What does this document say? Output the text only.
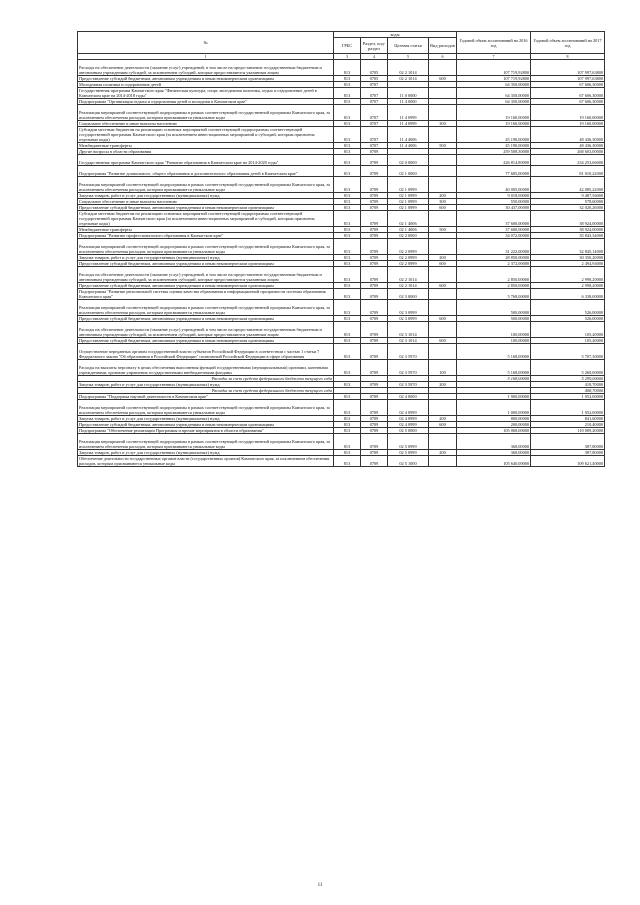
№	коды				Годовой объем ассигнований на 2016 год	Годовой объем ассигнований на 2017 год
	ГРБС	Раздел, под- раздел	Целевая статья	Вид расходов		
1	3	4	5	6	7	8
Расходы на обеспечение деятельности (оказание услуг) учреждений, в том числе на предоставление государственным бюджетным и автономным учреждениям субсидий, за исключением субсидий, которые предоставляются указанным лицам	813	0705	02 2 1014		107 719,92800	107 997,63800
Предоставление субсидий бюджетным, автономным учреждениям и иным некоммерческим организациям	813	0705	02 2 1014	600	107 719,92800	107 997,63800
Молодежная политика и оздоровление детей	813	0707			64 350,00000	67 606,30000
Государственная программа Камчатского края "Физическая культура, спорт, молодежная политика, отдых и оздоровление детей в Камчатском крае на 2014-2018 годы"	813	0707	11 0 0000		64 350,00000	67 606,30000
Подпрограмма "Организация отдыха и оздоровления детей и молодежи в Камчатском крае"	813	0707	11 4 0000		64 350,00000	67 606,30000
Реализация мероприятий соответствующей подпрограммы в рамках соответствующей государственной программы Камчатского края, за исключением обеспечения расходов, которым присваиваются уникальные коды	813	0707	11 4 0999		19 160,00000	19 160,00000
Социальное обеспечение и иные выплаты населению	813	0707	11 4 0999	300	19 160,00000	19 160,00000
Субсидии местным бюджетам на реализацию основных мероприятий соответствующей подпрограммы соответствующей государственной программы Камчатского края (за исключением инвестиционных мероприятий и субсидий, которым присвоены отдельные коды)	813	0707	11 4 4006		45 190,00000	48 436,30000
Межбюджетные трансферты	813	0707	11 4 4006	500	45 190,00000	48 436,30000
Другие вопросы в области образования	813	0709			259 508,30000	268 603,00000
Государственная программа Камчатского края "Развитие образования в Камчатском крае на 2014-2020 годы"	813	0709	02 0 0000		226 814,80000	234 253,66000
Подпрограмма "Развитие дошкольного, общего образования и дополнительного образования детей в Камчатском крае"	813	0709	02 1 0000		77 605,00000	81 010,22000
Реализация мероприятий соответствующей подпрограммы в рамках соответствующей государственной программы Камчатского края, за исключением обеспечения расходов, которым присваиваются уникальные коды	813	0709	02 1 0999		40 005,00000	42 085,22000
Закупка товаров, работ и услуг для государственных (муниципальных) нужд	813	0709	02 1 0999	200	9 018,00000	9 487,56000
Социальное обеспечение и иные выплаты населению	813	0709	02 1 0999	300	550,00000	578,60000
Предоставление субсидий бюджетным, автономным учреждениям и иным некоммерческим организациям	813	0709	02 1 0999	600	30 437,00000	32 020,26000
Субсидии местным бюджетам на реализацию основных мероприятий соответствующей подпрограммы соответствующей государственной программы Камчатского края (за исключением инвестиционных мероприятий и субсидий, которым присвоены отдельные коды)	813	0709	02 1 4006		37 600,00000	38 924,00000
Межбюджетные трансферты	813	0709	02 1 4006	500	37 600,00000	38 924,00000
Подпрограмма "Развитие профессионального образования в Камчатском крае"	813	0709	02 2 0000		34 072,00000	35 843,34000
Реализация мероприятий соответствующей подпрограммы в рамках соответствующей государственной программы Камчатского края, за исключением обеспечения расходов, которым присваиваются уникальные коды	813	0709	02 2 0999		31 222,00000	32 845,14000
Закупка товаров, работ и услуг для государственных (муниципальных) нужд	813	0709	02 2 0999	200	28 850,00000	30 350,20000
Предоставление субсидий бюджетным, автономным учреждениям и иным некоммерческим организациям	813	0709	02 2 0999	600	2 372,00000	2 494,94000
Расходы на обеспечение деятельности (оказание услуг) учреждений, в том числе на предоставление государственным бюджетным и автономным учреждениям субсидий, за исключением субсидий, которые предоставляются указанным лицам	813	0709	02 2 1014		2 850,00000	2 998,20000
Предоставление субсидий бюджетным, автономным учреждениям и иным некоммерческим организациям	813	0709	02 2 1014	600	2 850,00000	2 998,20000
Подпрограмма "Развитие региональной системы оценки качества образования и информационной прозрачности системы образования Камчатского края"	813	0709	02 3 0000		5 768,00000	6 338,00000
Реализация мероприятий соответствующей подпрограммы в рамках соответствующей государственной программы Камчатского края, за исключением обеспечения расходов, которым присваиваются уникальные коды	813	0709	02 3 0999		500,00000	526,00000
Предоставление субсидий бюджетным, автономным учреждениям и иным некоммерческим организациям	813	0709	02 3 0999	600	500,00000	526,00000
Расходы на обеспечение деятельности (оказание услуг) учреждений, в том числе на предоставление государственным бюджетным и автономным учреждениям субсидий, за исключением субсидий, которые предоставляются указанным лицам	813	0709	02 3 1014		100,00000	105,20000
Предоставление субсидий бюджетным, автономным учреждениям и иным некоммерческим организациям	813	0709	02 3 1014	600	100,00000	105,20000
Осуществление переданных органам государственной власти субъектов Российской Федерации в соответствии с частью 1 статьи 7 Федерального закона "Об образовании в Российской Федерации" полномочий Российской Федерации в сфере образования	813	0709	02 3 5970		5 168,00000	5 707,30000
Расходы на выплаты персоналу в целях обеспечения выполнения функций государственными (муниципальными) органами, казенными учреждениями, органами управления государственными внебюджетными фондами	813	0709	02 3 5970	100	5 168,00000	5 260,00000
Расходы за счет средств федерального бюджета текущего года					5 168,00000	5 299,00000
Закупка товаров, работ и услуг для государственных (муниципальных) нужд	813	0709	02 3 5970	200		418,70000
Расходы за счет средств федерального бюджета текущего года						408,70000
Подпрограмма "Поддержка научной деятельности в Камчатском крае"	813	0709	02 4 0000		1 900,00000	1 052,00000
Реализация мероприятий соответствующей подпрограммы в рамках соответствующей государственной программы Камчатского края, за исключением обеспечения расходов, которым присваиваются уникальные коды	813	0709	02 4 0999		1 000,00000	1 052,00000
Закупка товаров, работ и услуг для государственных (муниципальных) нужд	813	0709	02 4 0999	200	800,00000	841,60000
Предоставление субсидий бюджетным, автономным учреждениям и иным некоммерческим организациям	813	0709	02 4 0999	600	200,00000	210,40000
Подпрограмма "Обеспечение реализации Программы и прочие мероприятия в области образования"	813	0709	02 5 0000		105 068,00000	110 009,20000
Реализация мероприятий соответствующей подпрограммы в рамках соответствующей государственной программы Камчатского края, за исключением обеспечения расходов, которым присваиваются уникальные коды	813	0709	02 5 0999		368,00000	387,80000
Закупка товаров, работ и услуг для государственных (муниципальных) нужд	813	0709	02 5 0999	200	368,00000	387,80000
Обеспечение деятельности государственных органов власти (государственных органов) Камчатского края, за исключением обеспечения расходов, которым присваиваются уникальные коды	813	0709	02 5 1000		105 640,00000	109 621,40000
11
